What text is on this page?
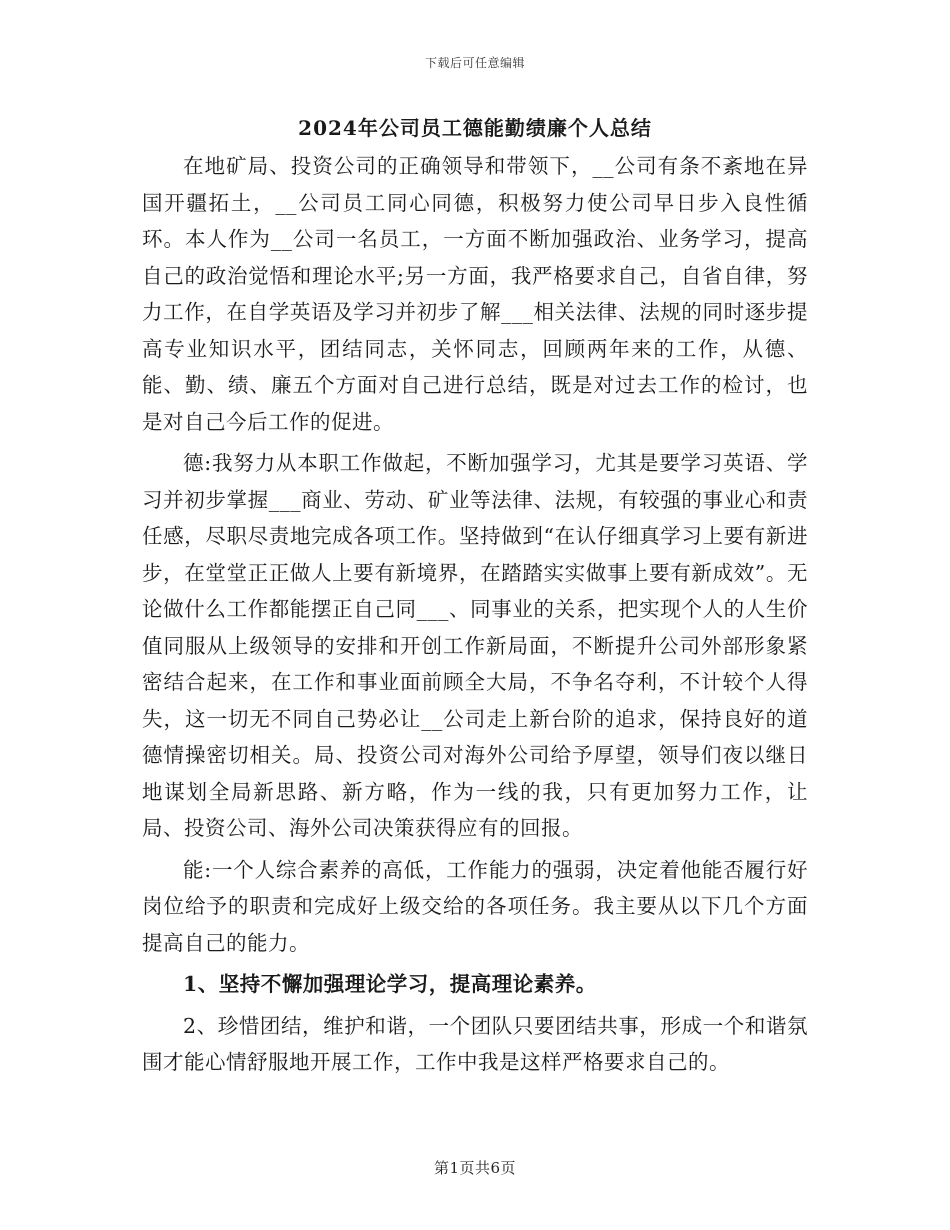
下载后可任意编辑
2024年公司员工德能勤绩廉个人总结

在地矿局、投资公司的正确领导和带领下，__公司有条不紊地在异国开疆拓土，__公司员工同心同德，积极努力使公司早日步入良性循环。本人作为__公司一名员工，一方面不断加强政治、业务学习，提高自己的政治觉悟和理论水平;另一方面，我严格要求自己，自省自律，努力工作，在自学英语及学习并初步了解___相关法律、法规的同时逐步提高专业知识水平，团结同志，关怀同志，回顾两年来的工作，从德、能、勤、绩、廉五个方面对自己进行总结，既是对过去工作的检讨，也是对自己今后工作的促进。

德:我努力从本职工作做起，不断加强学习，尤其是要学习英语、学习并初步掌握___商业、劳动、矿业等法律、法规，有较强的事业心和责任感，尽职尽责地完成各项工作。坚持做到“在认仔细真学习上要有新进步，在堂堂正正做人上要有新境界，在踏踏实实做事上要有新成效”。无论做什么工作都能摆正自己同___、同事业的关系，把实现个人的人生价值同服从上级领导的安排和开创工作新局面，不断提升公司外部形象紧密结合起来，在工作和事业面前顾全大局，不争名夺利，不计较个人得失，这一切无不同自己势必让__公司走上新台阶的追求，保持良好的道德情操密切相关。局、投资公司对海外公司给予厚望，领导们夜以继日地谋划全局新思路、新方略，作为一线的我，只有更加努力工作，让局、投资公司、海外公司决策获得应有的回报。

能:一个人综合素养的高低，工作能力的强弱，决定着他能否履行好岗位给予的职责和完成好上级交给的各项任务。我主要从以下几个方面提高自己的能力。

1、坚持不懈加强理论学习，提高理论素养。

2、珍惜团结，维护和谐，一个团队只要团结共事，形成一个和谐氛围才能心情舒服地开展工作，工作中我是这样严格要求自己的。

第1页共6页
